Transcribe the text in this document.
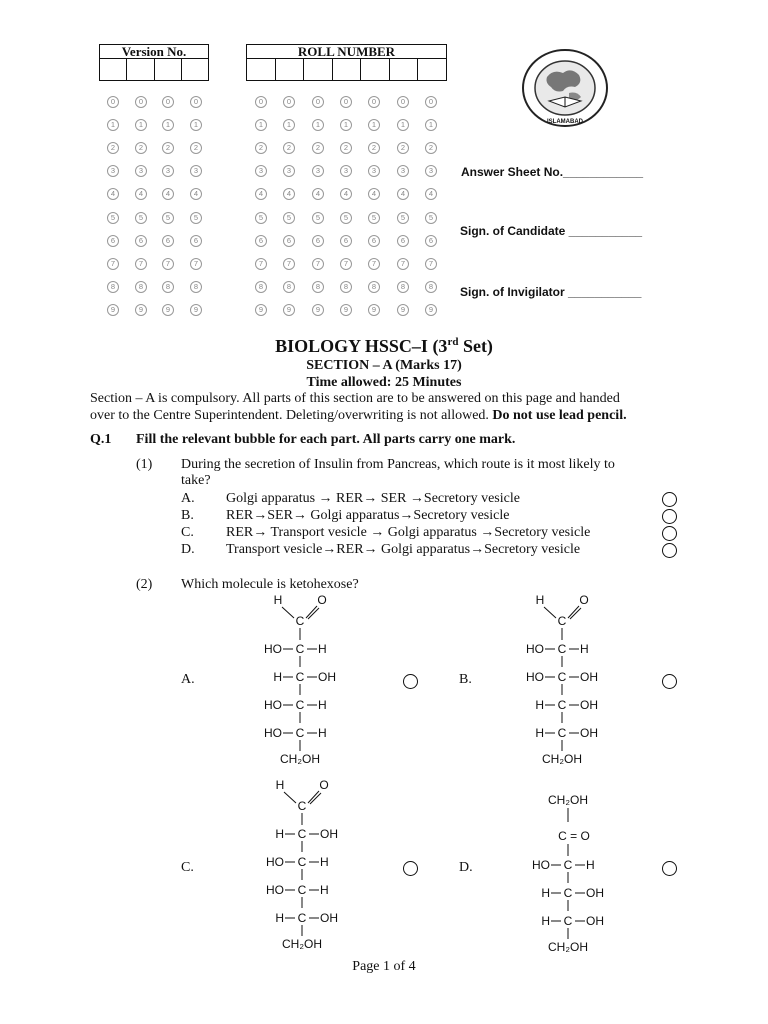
Version No.	ROLL NUMBER
0	0	0	0	0	0	0	0	0	0	0
1	1	1	1	1	1	1	1	1	1	1
2	2	2	2	2	2	2	2	2	2	2
3	3	3	3	3	3	3	3	3	3	3
4	4	4	4	4	4	4	4	4	4	4
5	5	5	5	5	5	5	5	5	5	5
6	6	6	6	6	6	6	6	6	6	6
7	7	7	7	7	7	7	7	7	7	7
8	8	8	8	8	8	8	8	8	8	8
9	9	9	9	9	9	9	9	9	9	9
ISLAMABAD
Answer Sheet No.____________
Sign. of Candidate ___________
Sign. of Invigilator ___________
BIOLOGY HSSC–I (3rd Set)
SECTION – A (Marks 17)
Time allowed: 25 Minutes
Section – A is compulsory. All parts of this section are to be answered on this page and handed
over to the Centre Superintendent. Deleting/overwriting is not allowed. Do not use lead pencil.
Q.1 Fill the relevant bubble for each part. All parts carry one mark.
(1) During the secretion of Insulin from Pancreas, which route is it most likely to
take?
A. Golgi apparatus → RER→ SER →Secretory vesicle
B. RER→SER→ Golgi apparatus→Secretory vesicle
C. RER→ Transport vesicle → Golgi apparatus →Secretory vesicle
D. Transport vesicle→RER→ Golgi apparatus→Secretory vesicle
(2) Which molecule is ketohexose?
A.	B.
C.	D.
H	O
C
HO C H
H C OH
HO C H
HO C H
CH₂OH
H	O
C
HO C H
HO C OH
H C OH
H C OH
CH₂OH
H	O
C
H C OH
HO C H
HO C H
H C OH
CH₂OH
CH₂OH
C = O
HO C H
H C OH
H C OH
CH₂OH
Page 1 of 4
